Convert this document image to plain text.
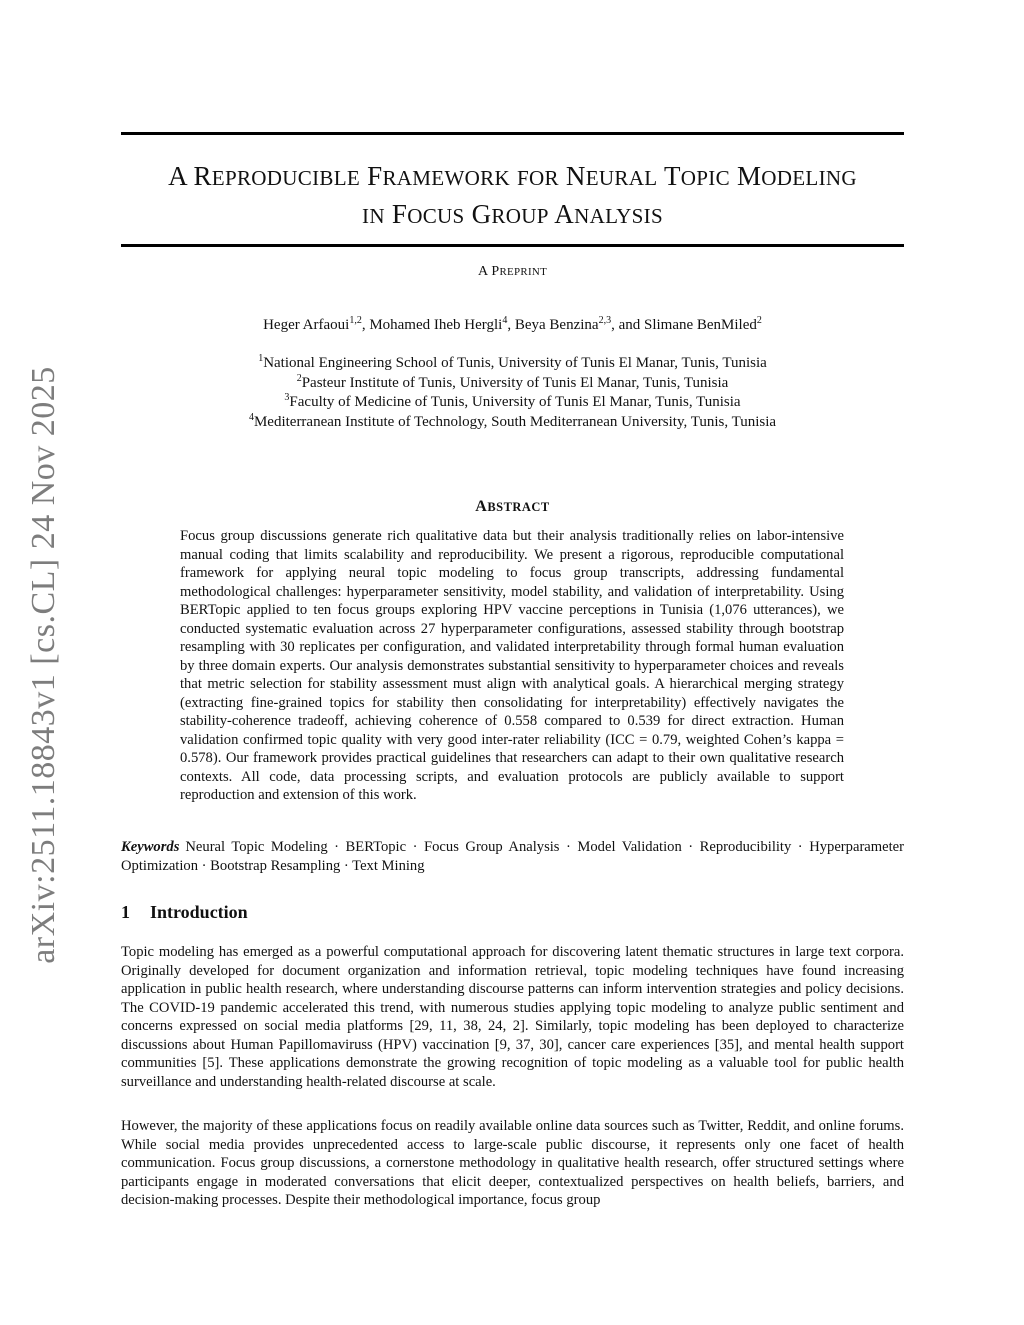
arXiv:2511.18843v1 [cs.CL] 24 Nov 2025
A REPRODUCIBLE FRAMEWORK FOR NEURAL TOPIC MODELING
IN FOCUS GROUP ANALYSIS
A PREPRINT
Heger Arfaoui$^{1,2}$, Mohamed Iheb Hergli$^4$, Beya Benzina$^{2,3}$, and Slimane BenMiled$^2$
$^1$National Engineering School of Tunis, University of Tunis El Manar, Tunis, Tunisia
$^2$Pasteur Institute of Tunis, University of Tunis El Manar, Tunis, Tunisia
$^3$Faculty of Medicine of Tunis, University of Tunis El Manar, Tunis, Tunisia
$^4$Mediterranean Institute of Technology, South Mediterranean University, Tunis, Tunisia
ABSTRACT

Focus group discussions generate rich qualitative data but their analysis traditionally relies on labor-intensive manual coding that limits scalability and reproducibility. We present a rigorous, reproducible computational framework for applying neural topic modeling to focus group transcripts, addressing fundamental methodological challenges: hyperparameter sensitivity, model stability, and validation of interpretability. Using BERTopic applied to ten focus groups exploring HPV vaccine perceptions in Tunisia (1,076 utterances), we conducted systematic evaluation across 27 hyperparameter configurations, assessed stability through bootstrap resampling with 30 replicates per configuration, and validated interpretability through formal human evaluation by three domain experts. Our analysis demonstrates substantial sensitivity to hyperparameter choices and reveals that metric selection for stability assessment must align with analytical goals. A hierarchical merging strategy (extracting fine-grained topics for stability then consolidating for interpretability) effectively navigates the stability-coherence tradeoff, achieving coherence of 0.558 compared to 0.539 for direct extraction. Human validation confirmed topic quality with very good inter-rater reliability (ICC = 0.79, weighted Cohen’s kappa = 0.578). Our framework provides practical guidelines that researchers can adapt to their own qualitative research contexts. All code, data processing scripts, and evaluation protocols are publicly available to support reproduction and extension of this work.

Keywords Neural Topic Modeling · BERTopic · Focus Group Analysis · Model Validation · Reproducibility · Hyperparameter Optimization · Bootstrap Resampling · Text Mining

1 Introduction

Topic modeling has emerged as a powerful computational approach for discovering latent thematic structures in large text corpora. Originally developed for document organization and information retrieval, topic modeling techniques have found increasing application in public health research, where understanding discourse patterns can inform intervention strategies and policy decisions. The COVID-19 pandemic accelerated this trend, with numerous studies applying topic modeling to analyze public sentiment and concerns expressed on social media platforms [29, 11, 38, 24, 2]. Similarly, topic modeling has been deployed to characterize discussions about Human Papillomaviruss (HPV) vaccination [9, 37, 30], cancer care experiences [35], and mental health support communities [5]. These applications demonstrate the growing recognition of topic modeling as a valuable tool for public health surveillance and understanding health-related discourse at scale.

However, the majority of these applications focus on readily available online data sources such as Twitter, Reddit, and online forums. While social media provides unprecedented access to large-scale public discourse, it represents only one facet of health communication. Focus group discussions, a cornerstone methodology in qualitative health research, offer structured settings where participants engage in moderated conversations that elicit deeper, contextualized perspectives on health beliefs, barriers, and decision-making processes. Despite their methodological importance, focus group
